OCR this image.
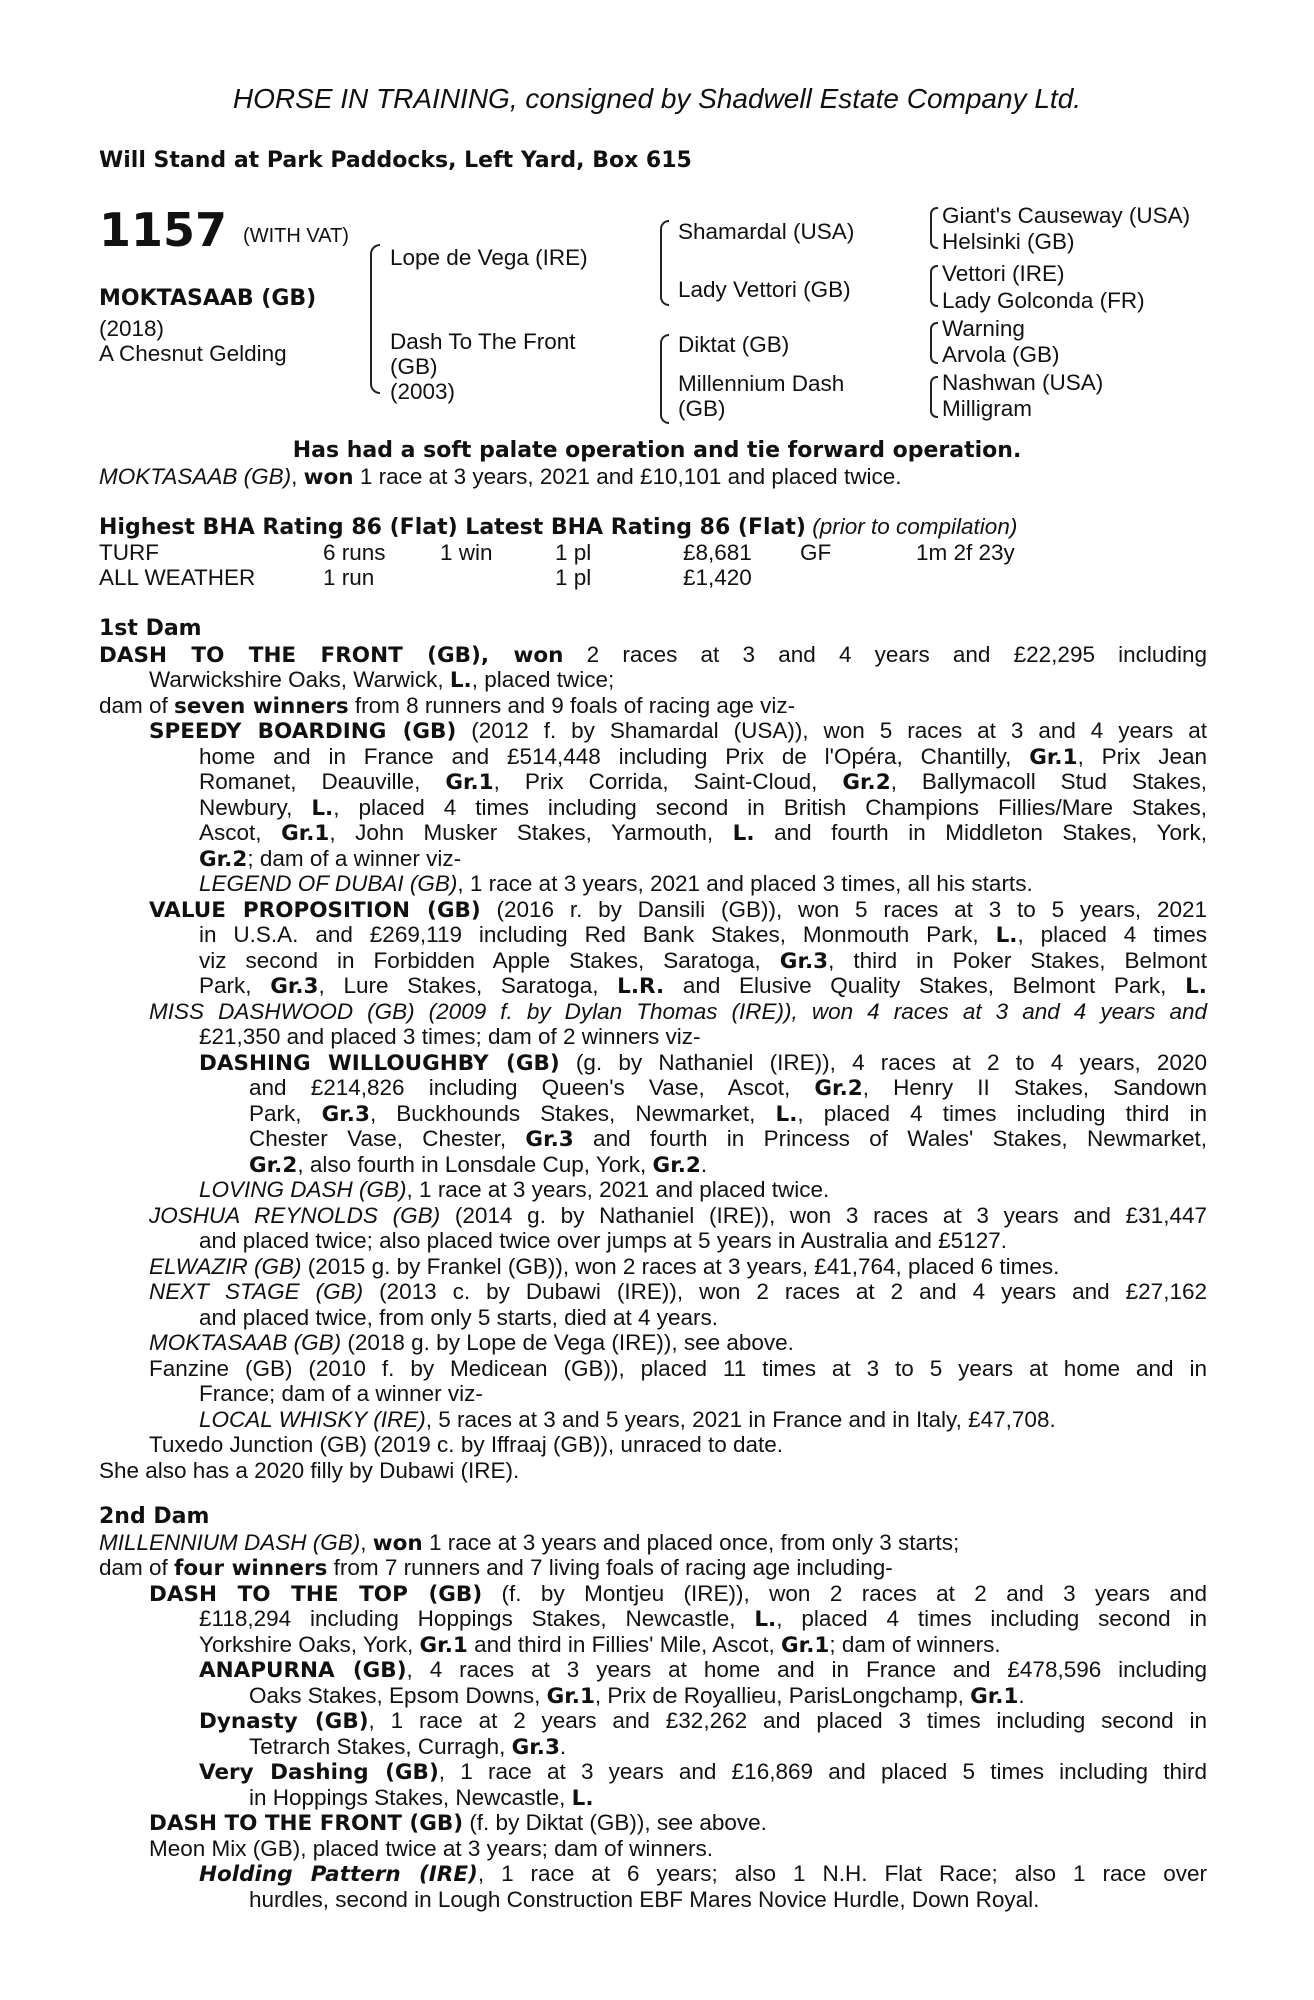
HORSE IN TRAINING, consigned by Shadwell Estate Company Ltd.
Will Stand at Park Paddocks, Left Yard, Box 615
1157 (WITH VAT)
MOKTASAAB (GB)
(2018)
A Chesnut Gelding
Lope de Vega (IRE)
Dash To The Front
(GB)
(2003)
Shamardal (USA)
Lady Vettori (GB)
Diktat (GB)
Millennium Dash
(GB)
Giant's Causeway (USA)
Helsinki (GB)
Vettori (IRE)
Lady Golconda (FR)
Warning
Arvola (GB)
Nashwan (USA)
Milligram
Has had a soft palate operation and tie forward operation.
MOKTASAAB (GB), won 1 race at 3 years, 2021 and £10,101 and placed twice.
Highest BHA Rating 86 (Flat) Latest BHA Rating 86 (Flat) (prior to compilation)
TURF	6 runs 1 win	1 pl	£8,681 GF	1m 2f 23y
ALL WEATHER	1 run	1 pl	£1,420
1st Dam
DASH TO THE FRONT (GB), won 2 races at 3 and 4 years and £22,295 including
Warwickshire Oaks, Warwick, L., placed twice;
dam of seven winners from 8 runners and 9 foals of racing age viz-
SPEEDY BOARDING (GB) (2012 f. by Shamardal (USA)), won 5 races at 3 and 4 years at
home and in France and £514,448 including Prix de l'Opéra, Chantilly, Gr.1, Prix Jean
Romanet, Deauville, Gr.1, Prix Corrida, Saint-Cloud, Gr.2, Ballymacoll Stud Stakes,
Newbury, L., placed 4 times including second in British Champions Fillies/Mare Stakes,
Ascot, Gr.1, John Musker Stakes, Yarmouth, L. and fourth in Middleton Stakes, York,
Gr.2; dam of a winner viz-
LEGEND OF DUBAI (GB), 1 race at 3 years, 2021 and placed 3 times, all his starts.
VALUE PROPOSITION (GB) (2016 r. by Dansili (GB)), won 5 races at 3 to 5 years, 2021
in U.S.A. and £269,119 including Red Bank Stakes, Monmouth Park, L., placed 4 times
viz second in Forbidden Apple Stakes, Saratoga, Gr.3, third in Poker Stakes, Belmont
Park, Gr.3, Lure Stakes, Saratoga, L.R. and Elusive Quality Stakes, Belmont Park, L.
MISS DASHWOOD (GB) (2009 f. by Dylan Thomas (IRE)), won 4 races at 3 and 4 years and
£21,350 and placed 3 times; dam of 2 winners viz-
DASHING WILLOUGHBY (GB) (g. by Nathaniel (IRE)), 4 races at 2 to 4 years, 2020
and £214,826 including Queen's Vase, Ascot, Gr.2, Henry II Stakes, Sandown
Park, Gr.3, Buckhounds Stakes, Newmarket, L., placed 4 times including third in
Chester Vase, Chester, Gr.3 and fourth in Princess of Wales' Stakes, Newmarket,
Gr.2, also fourth in Lonsdale Cup, York, Gr.2.
LOVING DASH (GB), 1 race at 3 years, 2021 and placed twice.
JOSHUA REYNOLDS (GB) (2014 g. by Nathaniel (IRE)), won 3 races at 3 years and £31,447
and placed twice; also placed twice over jumps at 5 years in Australia and £5127.
ELWAZIR (GB) (2015 g. by Frankel (GB)), won 2 races at 3 years, £41,764, placed 6 times.
NEXT STAGE (GB) (2013 c. by Dubawi (IRE)), won 2 races at 2 and 4 years and £27,162
and placed twice, from only 5 starts, died at 4 years.
MOKTASAAB (GB) (2018 g. by Lope de Vega (IRE)), see above.
Fanzine (GB) (2010 f. by Medicean (GB)), placed 11 times at 3 to 5 years at home and in
France; dam of a winner viz-
LOCAL WHISKY (IRE), 5 races at 3 and 5 years, 2021 in France and in Italy, £47,708.
Tuxedo Junction (GB) (2019 c. by Iffraaj (GB)), unraced to date.
She also has a 2020 filly by Dubawi (IRE).
2nd Dam
MILLENNIUM DASH (GB), won 1 race at 3 years and placed once, from only 3 starts;
dam of four winners from 7 runners and 7 living foals of racing age including-
DASH TO THE TOP (GB) (f. by Montjeu (IRE)), won 2 races at 2 and 3 years and
£118,294 including Hoppings Stakes, Newcastle, L., placed 4 times including second in
Yorkshire Oaks, York, Gr.1 and third in Fillies' Mile, Ascot, Gr.1; dam of winners.
ANAPURNA (GB), 4 races at 3 years at home and in France and £478,596 including
Oaks Stakes, Epsom Downs, Gr.1, Prix de Royallieu, ParisLongchamp, Gr.1.
Dynasty (GB), 1 race at 2 years and £32,262 and placed 3 times including second in
Tetrarch Stakes, Curragh, Gr.3.
Very Dashing (GB), 1 race at 3 years and £16,869 and placed 5 times including third
in Hoppings Stakes, Newcastle, L.
DASH TO THE FRONT (GB) (f. by Diktat (GB)), see above.
Meon Mix (GB), placed twice at 3 years; dam of winners.
Holding Pattern (IRE), 1 race at 6 years; also 1 N.H. Flat Race; also 1 race over
hurdles, second in Lough Construction EBF Mares Novice Hurdle, Down Royal.
